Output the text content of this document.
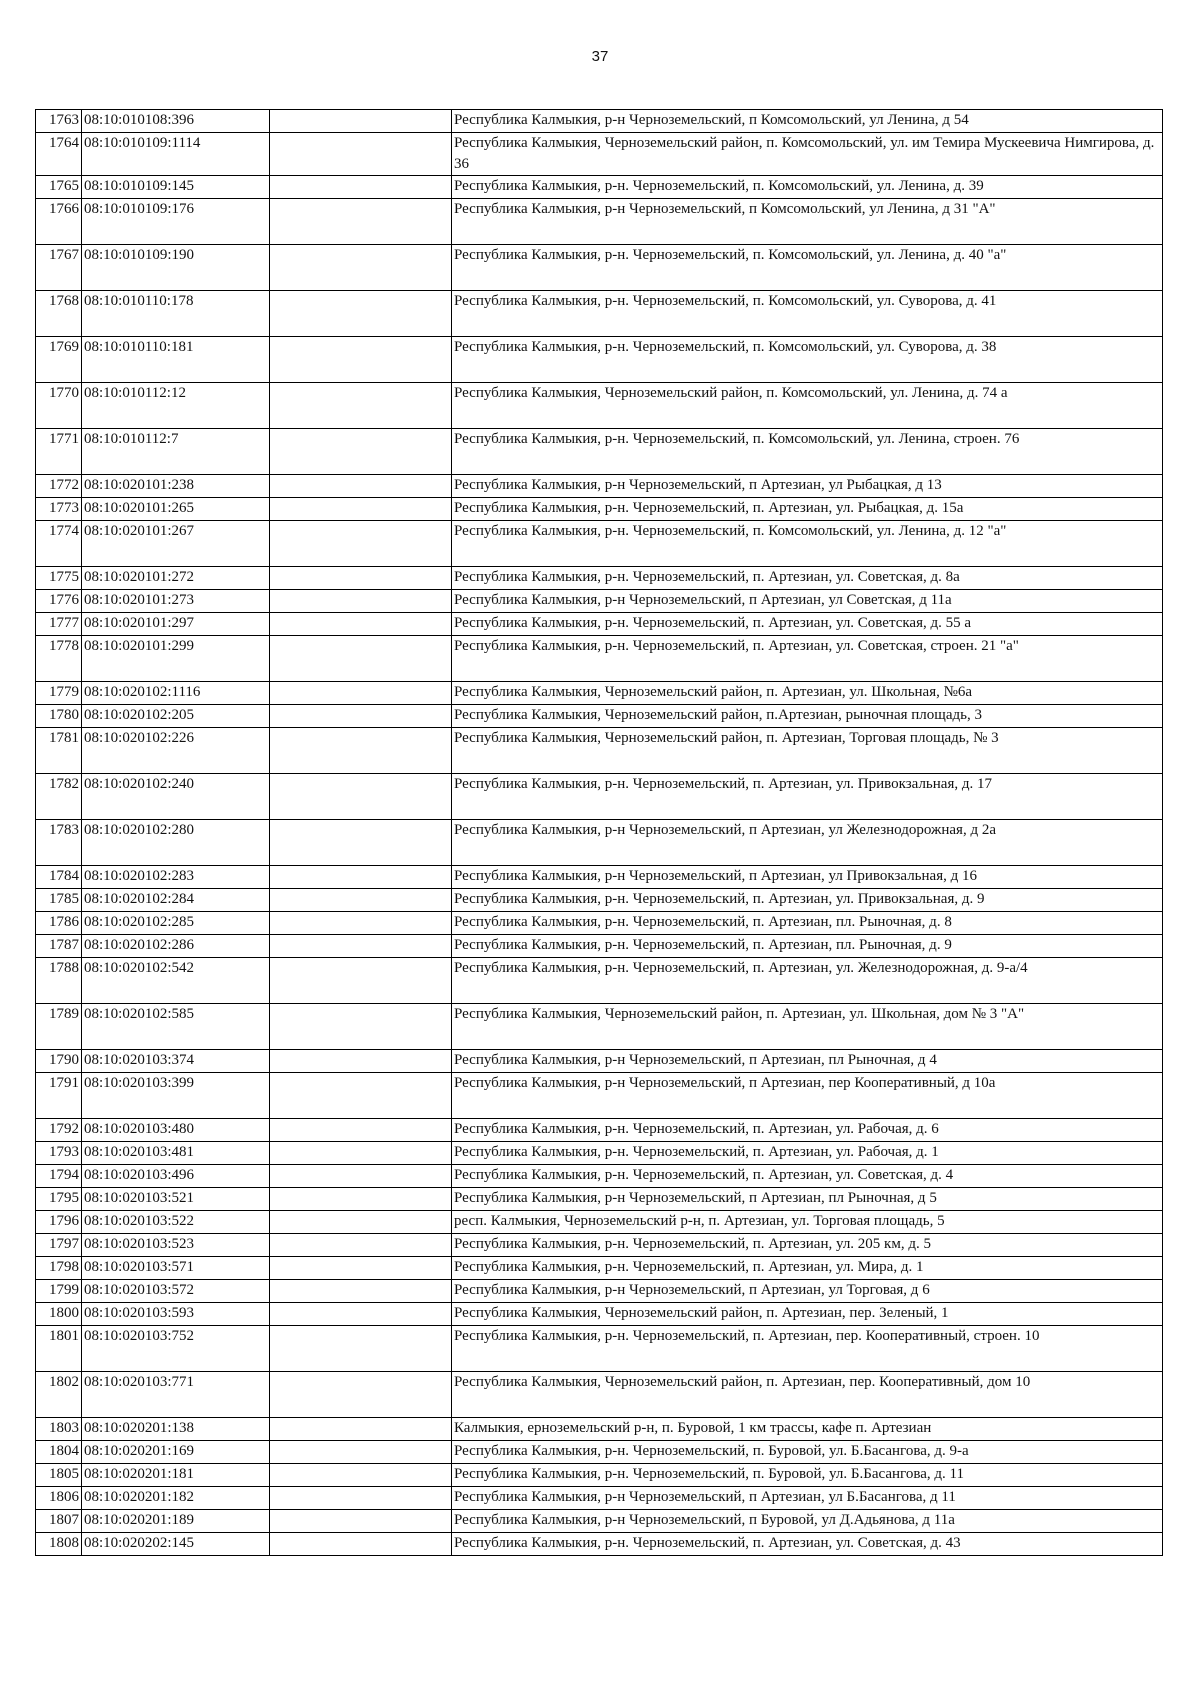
37
1763	08:10:010108:396		Республика Калмыкия, р-н Черноземельский, п Комсомольский, ул Ленина, д 54
1764	08:10:010109:1114		Республика Калмыкия, Черноземельский район, п. Комсомольский, ул. им Темира Мускеевича Нимгирова, д. 36
1765	08:10:010109:145		Республика Калмыкия, р-н. Черноземельский, п. Комсомольский, ул. Ленина, д. 39
1766	08:10:010109:176		Республика Калмыкия, р-н Черноземельский, п Комсомольский, ул Ленина, д 31 "А"
1767	08:10:010109:190		Республика Калмыкия, р-н. Черноземельский, п. Комсомольский, ул. Ленина, д. 40 "а"
1768	08:10:010110:178		Республика Калмыкия, р-н. Черноземельский, п. Комсомольский, ул. Суворова, д. 41
1769	08:10:010110:181		Республика Калмыкия, р-н. Черноземельский, п. Комсомольский, ул. Суворова, д. 38
1770	08:10:010112:12		Республика Калмыкия, Черноземельский район, п. Комсомольский, ул. Ленина, д. 74 а
1771	08:10:010112:7		Республика Калмыкия, р-н. Черноземельский, п. Комсомольский, ул. Ленина, строен. 76
1772	08:10:020101:238		Республика Калмыкия, р-н Черноземельский, п Артезиан, ул Рыбацкая, д 13
1773	08:10:020101:265		Республика Калмыкия, р-н. Черноземельский, п. Артезиан, ул. Рыбацкая, д. 15а
1774	08:10:020101:267		Республика Калмыкия, р-н. Черноземельский, п. Комсомольский, ул. Ленина, д. 12 "а"
1775	08:10:020101:272		Республика Калмыкия, р-н. Черноземельский, п. Артезиан, ул. Советская, д. 8а
1776	08:10:020101:273		Республика Калмыкия, р-н Черноземельский, п Артезиан, ул Советская, д 11а
1777	08:10:020101:297		Республика Калмыкия, р-н. Черноземельский, п. Артезиан, ул. Советская, д. 55 а
1778	08:10:020101:299		Республика Калмыкия, р-н. Черноземельский, п. Артезиан, ул. Советская, строен. 21 "а"
1779	08:10:020102:1116		Республика Калмыкия, Черноземельский район, п. Артезиан, ул. Школьная, №6а
1780	08:10:020102:205		Республика Калмыкия, Черноземельский район, п.Артезиан, рыночная площадь, 3
1781	08:10:020102:226		Республика Калмыкия, Черноземельский район, п. Артезиан, Торговая площадь, № 3
1782	08:10:020102:240		Республика Калмыкия, р-н. Черноземельский, п. Артезиан, ул. Привокзальная, д. 17
1783	08:10:020102:280		Республика Калмыкия, р-н Черноземельский, п Артезиан, ул Железнодорожная, д 2а
1784	08:10:020102:283		Республика Калмыкия, р-н Черноземельский, п Артезиан, ул Привокзальная, д 16
1785	08:10:020102:284		Республика Калмыкия, р-н. Черноземельский, п. Артезиан, ул. Привокзальная, д. 9
1786	08:10:020102:285		Республика Калмыкия, р-н. Черноземельский, п. Артезиан, пл. Рыночная, д. 8
1787	08:10:020102:286		Республика Калмыкия, р-н. Черноземельский, п. Артезиан, пл. Рыночная, д. 9
1788	08:10:020102:542		Республика Калмыкия, р-н. Черноземельский, п. Артезиан, ул. Железнодорожная, д. 9-а/4
1789	08:10:020102:585		Республика Калмыкия, Черноземельский район, п. Артезиан, ул. Школьная, дом № 3 "А"
1790	08:10:020103:374		Республика Калмыкия, р-н Черноземельский, п Артезиан, пл Рыночная, д 4
1791	08:10:020103:399		Республика Калмыкия, р-н Черноземельский, п Артезиан, пер Кооперативный, д 10а
1792	08:10:020103:480		Республика Калмыкия, р-н. Черноземельский, п. Артезиан, ул. Рабочая, д. 6
1793	08:10:020103:481		Республика Калмыкия, р-н. Черноземельский, п. Артезиан, ул. Рабочая, д. 1
1794	08:10:020103:496		Республика Калмыкия, р-н. Черноземельский, п. Артезиан, ул. Советская, д. 4
1795	08:10:020103:521		Республика Калмыкия, р-н Черноземельский, п Артезиан, пл Рыночная, д 5
1796	08:10:020103:522		респ. Калмыкия, Черноземельский р-н, п. Артезиан, ул. Торговая площадь, 5
1797	08:10:020103:523		Республика Калмыкия, р-н. Черноземельский, п. Артезиан, ул. 205 км, д. 5
1798	08:10:020103:571		Республика Калмыкия, р-н. Черноземельский, п. Артезиан, ул. Мира, д. 1
1799	08:10:020103:572		Республика Калмыкия, р-н Черноземельский, п Артезиан, ул Торговая, д 6
1800	08:10:020103:593		Республика Калмыкия, Черноземельский район, п. Артезиан, пер. Зеленый, 1
1801	08:10:020103:752		Республика Калмыкия, р-н. Черноземельский, п. Артезиан, пер. Кооперативный, строен. 10
1802	08:10:020103:771		Республика Калмыкия, Черноземельский район, п. Артезиан, пер. Кооперативный, дом 10
1803	08:10:020201:138		Калмыкия, ерноземельский р-н, п. Буровой, 1 км трассы, кафе п. Артезиан
1804	08:10:020201:169		Республика Калмыкия, р-н. Черноземельский, п. Буровой, ул. Б.Басангова, д. 9-а
1805	08:10:020201:181		Республика Калмыкия, р-н. Черноземельский, п. Буровой, ул. Б.Басангова, д. 11
1806	08:10:020201:182		Республика Калмыкия, р-н Черноземельский, п Артезиан, ул Б.Басангова, д 11
1807	08:10:020201:189		Республика Калмыкия, р-н Черноземельский, п Буровой, ул Д.Адьянова, д 11а
1808	08:10:020202:145		Республика Калмыкия, р-н. Черноземельский, п. Артезиан, ул. Советская, д. 43
